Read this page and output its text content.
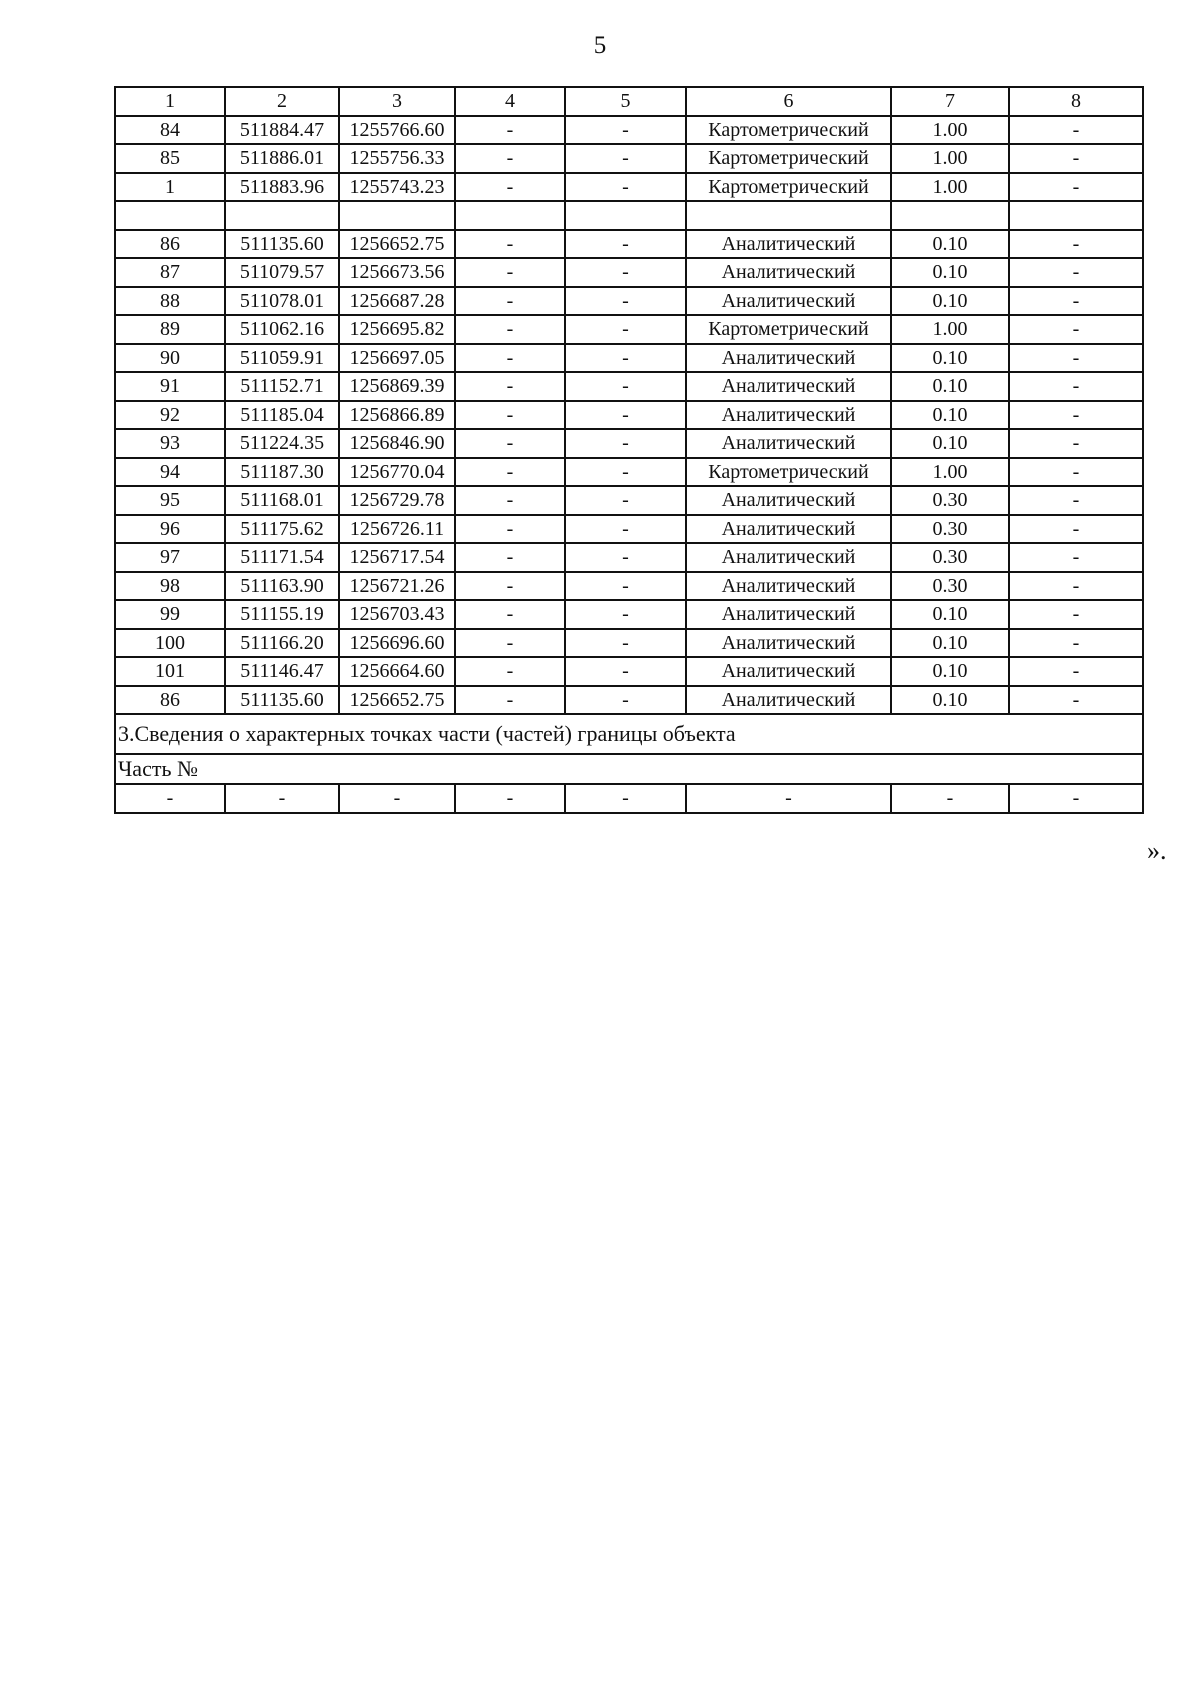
5
1	2	3	4	5	6	7	8
84	511884.47	1255766.60	-	-	Картометрический	1.00	-
85	511886.01	1255756.33	-	-	Картометрический	1.00	-
1	511883.96	1255743.23	-	-	Картометрический	1.00	-

86	511135.60	1256652.75	-	-	Аналитический	0.10	-
87	511079.57	1256673.56	-	-	Аналитический	0.10	-
88	511078.01	1256687.28	-	-	Аналитический	0.10	-
89	511062.16	1256695.82	-	-	Картометрический	1.00	-
90	511059.91	1256697.05	-	-	Аналитический	0.10	-
91	511152.71	1256869.39	-	-	Аналитический	0.10	-
92	511185.04	1256866.89	-	-	Аналитический	0.10	-
93	511224.35	1256846.90	-	-	Аналитический	0.10	-
94	511187.30	1256770.04	-	-	Картометрический	1.00	-
95	511168.01	1256729.78	-	-	Аналитический	0.30	-
96	511175.62	1256726.11	-	-	Аналитический	0.30	-
97	511171.54	1256717.54	-	-	Аналитический	0.30	-
98	511163.90	1256721.26	-	-	Аналитический	0.30	-
99	511155.19	1256703.43	-	-	Аналитический	0.10	-
100	511166.20	1256696.60	-	-	Аналитический	0.10	-
101	511146.47	1256664.60	-	-	Аналитический	0.10	-
86	511135.60	1256652.75	-	-	Аналитический	0.10	-
3.Сведения о характерных точках части (частей) границы объекта							
Часть №							
-	-	-	-	-	-	-	-
».
